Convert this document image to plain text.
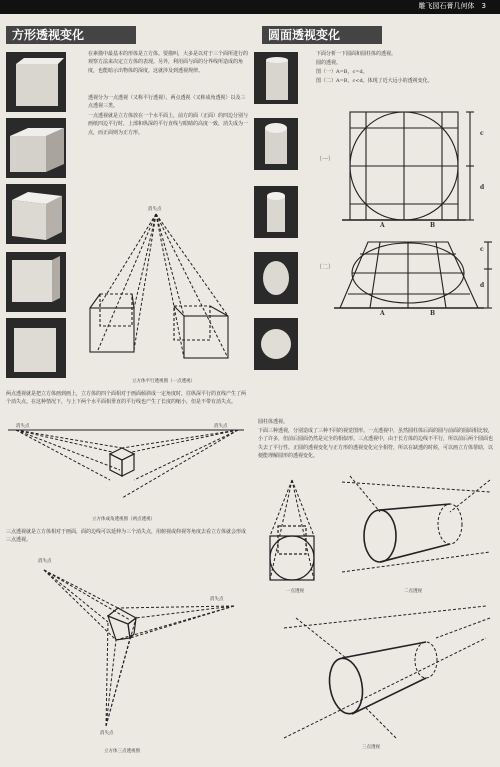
雕飞园石膏几何体　3
方形透视变化
在素描中最基本的形体是立方体。要描叫，大多是以对于三个面所进行的观察方法来决定立方体的表现。另外，利用面与面的分界线所造成的角度，也能暗示出物体的深度。这就涉及到透视规律。
透视分为一点透视（又称平行透视）、两点透视（又称成角透视）以及三点透视三类。
一点透视就是立方体放在一个水平面上，前方的面（正面）的四边分别与画纸四边平行时，上部和纵深的平行直线与眼睛的高度一致，消失成为一点，而正面则为正方形。
消失点
立方体平行透视图（一点透视）
两点透视就是把立方体画到画上，立方体的四个面相对于画面倾斜成一定角度时，往纵深平行的直线产生了两个消失点。在这种情况下，与上下两个水平面相垂直的平行线也产生了长度的缩小，但是不带有消失点。
消失点	消失点
立方体成角透视图（两点透视）
三点透视就是立方体相对于画面，面的边线可以延伸为三个消失点，用俯视或仰视等角度去看立方体就会形成三点透视。
消失点
消失点
消失点
立方体三点透视图
圆面透视变化
下面分析一下圆面和圆柱体的透视。
圆的透视。
图（一）A=B，c=d。
图（二）A=B，c<d。体现了近大远小的透视变化。
（一）
（二）
A	B
c
d
A	B
c
d
圆柱体透视。
下面三种透视，分别造成了三种不同的视觉图形。一点透视中，虽然圆柱体后面的圆与前面的圆面相比较，小了许多，但前后圆面仍然是完全的相似形。三点透视中，由于长方体的边线不平行，所以前后两个圆面也失去了平行性。正圆的透视变化与正方形的透视变化完全相符，所以在缺透的时候，可以画立方体帮助，以便能理解圆形的透视变化。
一点透视	二点透视
三点透视
